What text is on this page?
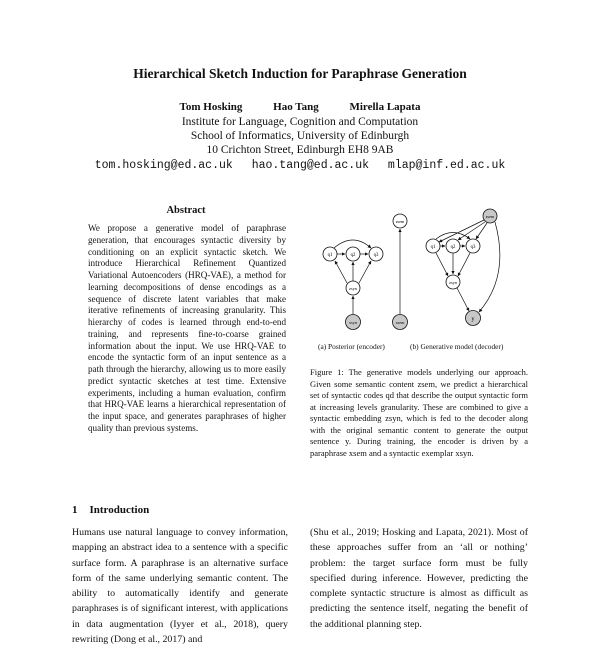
Hierarchical Sketch Induction for Paraphrase Generation
Tom Hosking	Hao Tang	Mirella Lapata
Institute for Language, Cognition and Computation
School of Informatics, University of Edinburgh
10 Crichton Street, Edinburgh EH8 9AB
tom.hosking@ed.ac.uk hao.tang@ed.ac.uk mlap@inf.ed.ac.uk
Abstract
We propose a generative model of paraphrase generation, that encourages syntactic diversity by conditioning on an explicit syntactic sketch. We introduce Hierarchical Refinement Quantized Variational Autoencoders (HRQ-VAE), a method for learning decompositions of dense encodings as a sequence of discrete latent variables that make iterative refinements of increasing granularity. This hierarchy of codes is learned through end-to-end training, and represents fine-to-coarse grained information about the input. We use HRQ-VAE to encode the syntactic form of an input sentence as a path through the hierarchy, allowing us to more easily predict syntactic sketches at test time. Extensive experiments, including a human evaluation, confirm that HRQ-VAE learns a hierarchical representation of the input space, and generates paraphrases of higher quality than previous systems.
1 Introduction
Humans use natural language to convey information, mapping an abstract idea to a sentence with a specific surface form. A paraphrase is an alternative surface form of the same underlying semantic content. The ability to automatically identify and generate paraphrases is of significant interest, with applications in data augmentation (Iyyer et al., 2018), query rewriting (Dong et al., 2017) and
q1	q2	q3
zsyn
xsyn
zsem
xsem
zsem
q1	q2	q3
zsyn
y
(a) Posterior (encoder)	(b) Generative model (decoder)
Figure 1: The generative models underlying our approach. Given some semantic content zsem, we predict a hierarchical set of syntactic codes qd that describe the output syntactic form at increasing levels granularity. These are combined to give a syntactic embedding zsyn, which is fed to the decoder along with the original semantic content to generate the output sentence y. During training, the encoder is driven by a paraphrase xsem and a syntactic exemplar xsyn.
(Shu et al., 2019; Hosking and Lapata, 2021). Most of these approaches suffer from an ‘all or nothing’ problem: the target surface form must be fully specified during inference. However, predicting the complete syntactic structure is almost as difficult as predicting the sentence itself, negating the benefit of the additional planning step.
